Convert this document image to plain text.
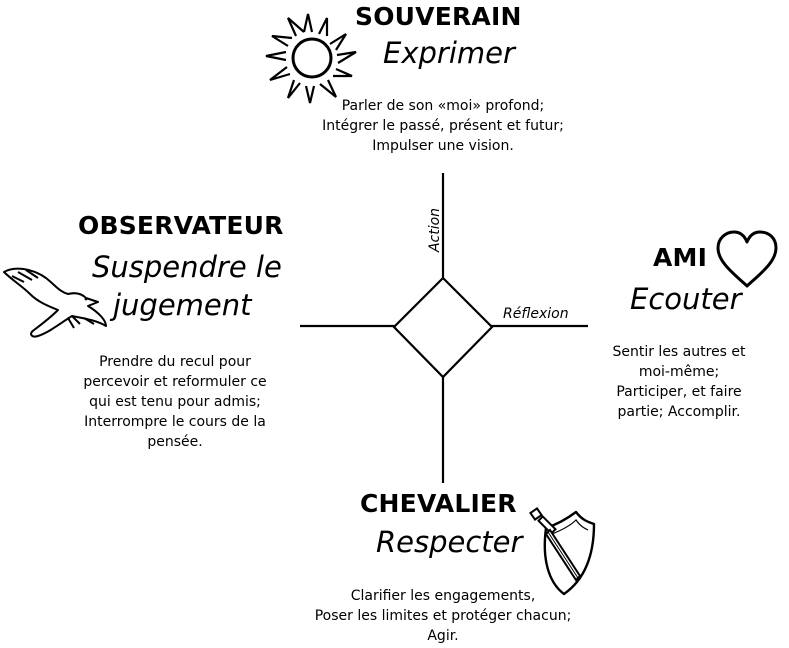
Action
Réflexion
SOUVERAIN
Exprimer
Parler de son «moi» profond;
Intégrer le passé, présent et futur;
Impulser une vision.
OBSERVATEUR
Suspendre le
jugement
Prendre du recul pour
percevoir et reformuler ce
qui est tenu pour admis;
Interrompre le cours de la
pensée.
AMI
Ecouter
Sentir les autres et
moi-même;
Participer, et faire
partie; Accomplir.
CHEVALIER
Respecter
Clarifier les engagements,
Poser les limites et protéger chacun;
Agir.
